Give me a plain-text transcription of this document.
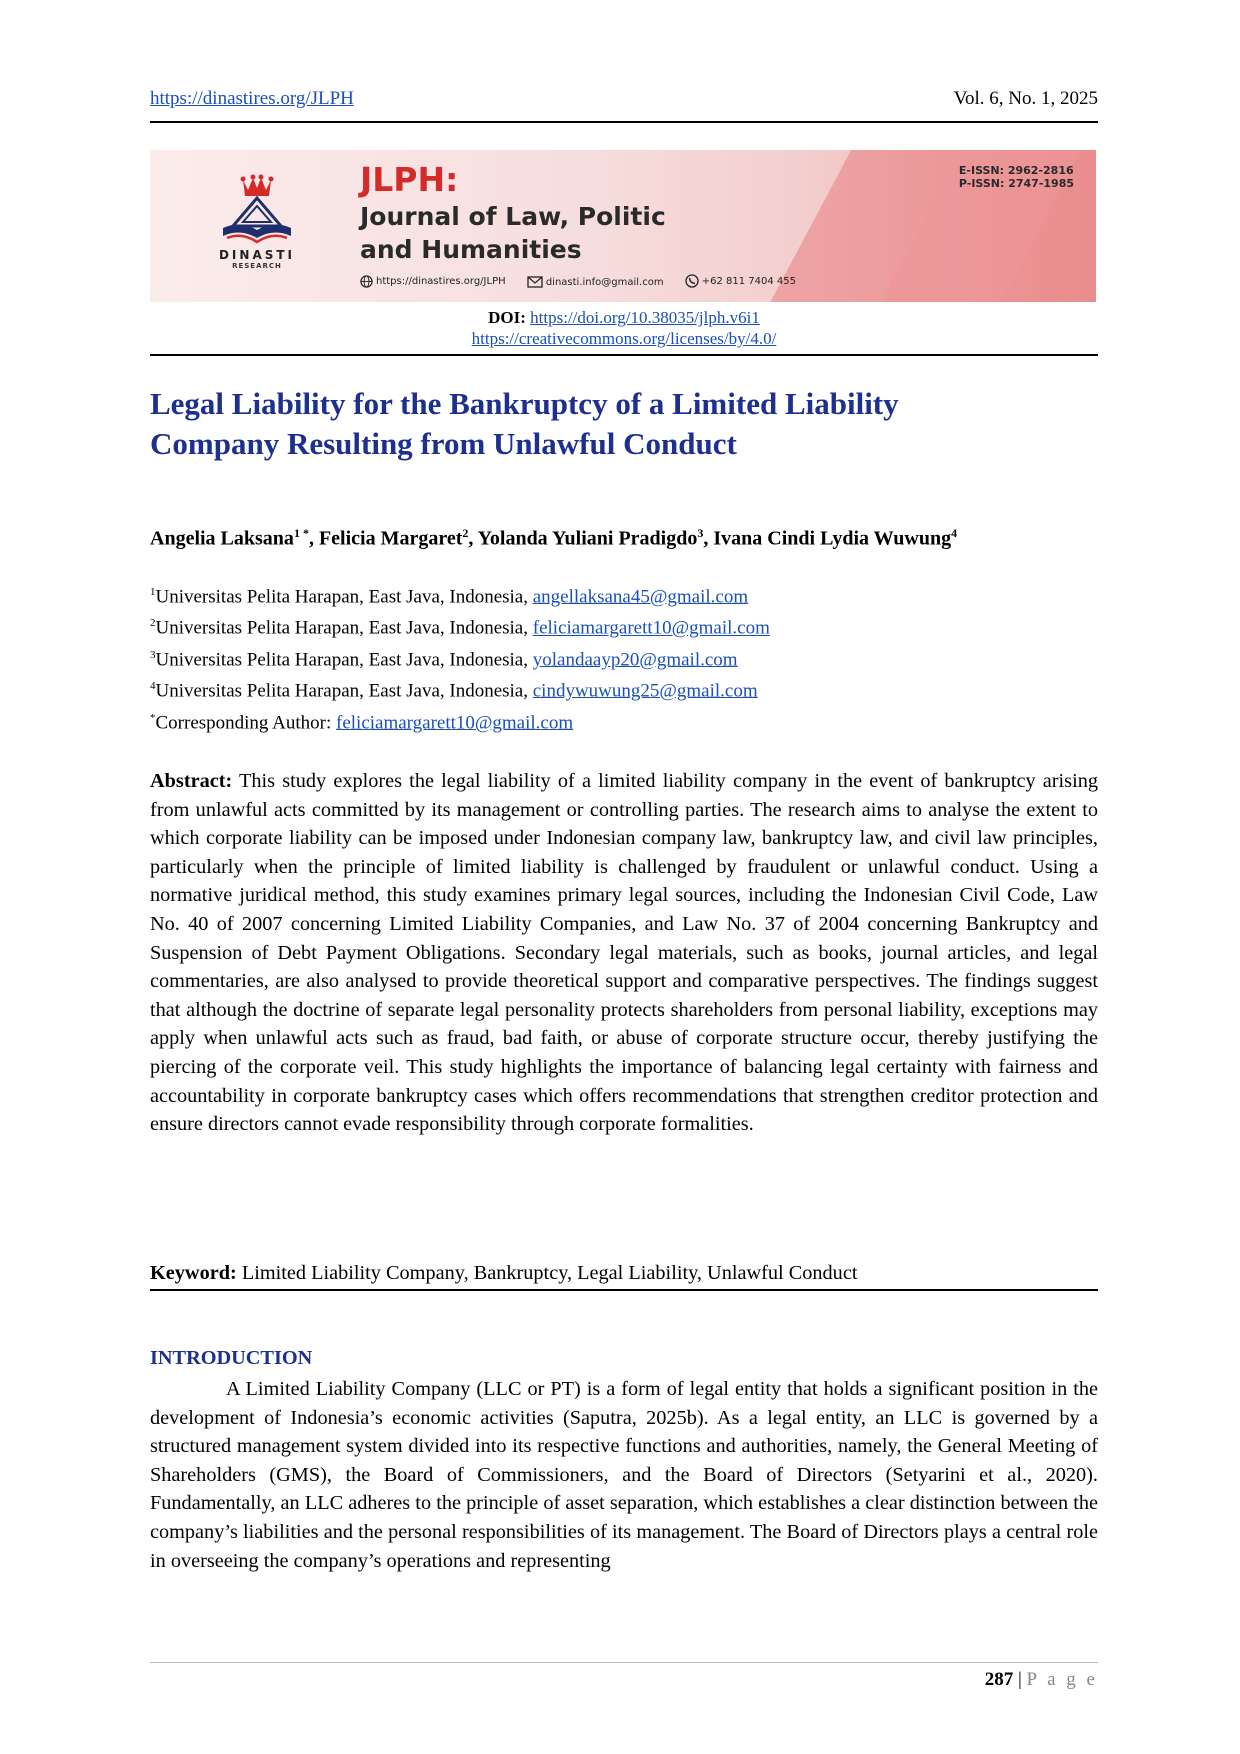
https://dinastires.org/JLPH	Vol. 6, No. 1, 2025
DINASTI
RESEARCH
JLPH:
Journal of Law, Politic
and Humanities
E-ISSN: 2962-2816
P-ISSN: 2747-1985
https://dinastires.org/JLPH
	dinasti.info@gmail.com
	+62 811 7404 455
DOI: https://doi.org/10.38035/jlph.v6i1
https://creativecommons.org/licenses/by/4.0/
Legal Liability for the Bankruptcy of a Limited Liability
Company Resulting from Unlawful Conduct
Angelia Laksana$^{1 *}$, Felicia Margaret$^2$, Yolanda Yuliani Pradigdo$^3$, Ivana Cindi Lydia Wuwung$^4$
$^1$Universitas Pelita Harapan, East Java, Indonesia, angellaksana45@gmail.com
$^2$Universitas Pelita Harapan, East Java, Indonesia, feliciamargarett10@gmail.com
$^3$Universitas Pelita Harapan, East Java, Indonesia, yolandaayp20@gmail.com
$^4$Universitas Pelita Harapan, East Java, Indonesia, cindywuwung25@gmail.com
*Corresponding Author: feliciamargarett10@gmail.com
Abstract: This study explores the legal liability of a limited liability company in the event of bankruptcy arising from unlawful acts committed by its management or controlling parties. The research aims to analyse the extent to which corporate liability can be imposed under Indonesian company law, bankruptcy law, and civil law principles, particularly when the principle of limited liability is challenged by fraudulent or unlawful conduct. Using a normative juridical method, this study examines primary legal sources, including the Indonesian Civil Code, Law No. 40 of 2007 concerning Limited Liability Companies, and Law No. 37 of 2004 concerning Bankruptcy and Suspension of Debt Payment Obligations. Secondary legal materials, such as books, journal articles, and legal commentaries, are also analysed to provide theoretical support and comparative perspectives. The findings suggest that although the doctrine of separate legal personality protects shareholders from personal liability, exceptions may apply when unlawful acts such as fraud, bad faith, or abuse of corporate structure occur, thereby justifying the piercing of the corporate veil. This study highlights the importance of balancing legal certainty with fairness and accountability in corporate bankruptcy cases which offers recommendations that strengthen creditor protection and ensure directors cannot evade responsibility through corporate formalities.
Keyword: Limited Liability Company, Bankruptcy, Legal Liability, Unlawful Conduct
INTRODUCTION
A Limited Liability Company (LLC or PT) is a form of legal entity that holds a significant position in the development of Indonesia’s economic activities (Saputra, 2025b). As a legal entity, an LLC is governed by a structured management system divided into its respective functions and authorities, namely, the General Meeting of Shareholders (GMS), the Board of Commissioners, and the Board of Directors (Setyarini et al., 2020). Fundamentally, an LLC adheres to the principle of asset separation, which establishes a clear distinction between the company’s liabilities and the personal responsibilities of its management. The Board of Directors plays a central role in overseeing the company’s operations and representing
287 | P a g e
